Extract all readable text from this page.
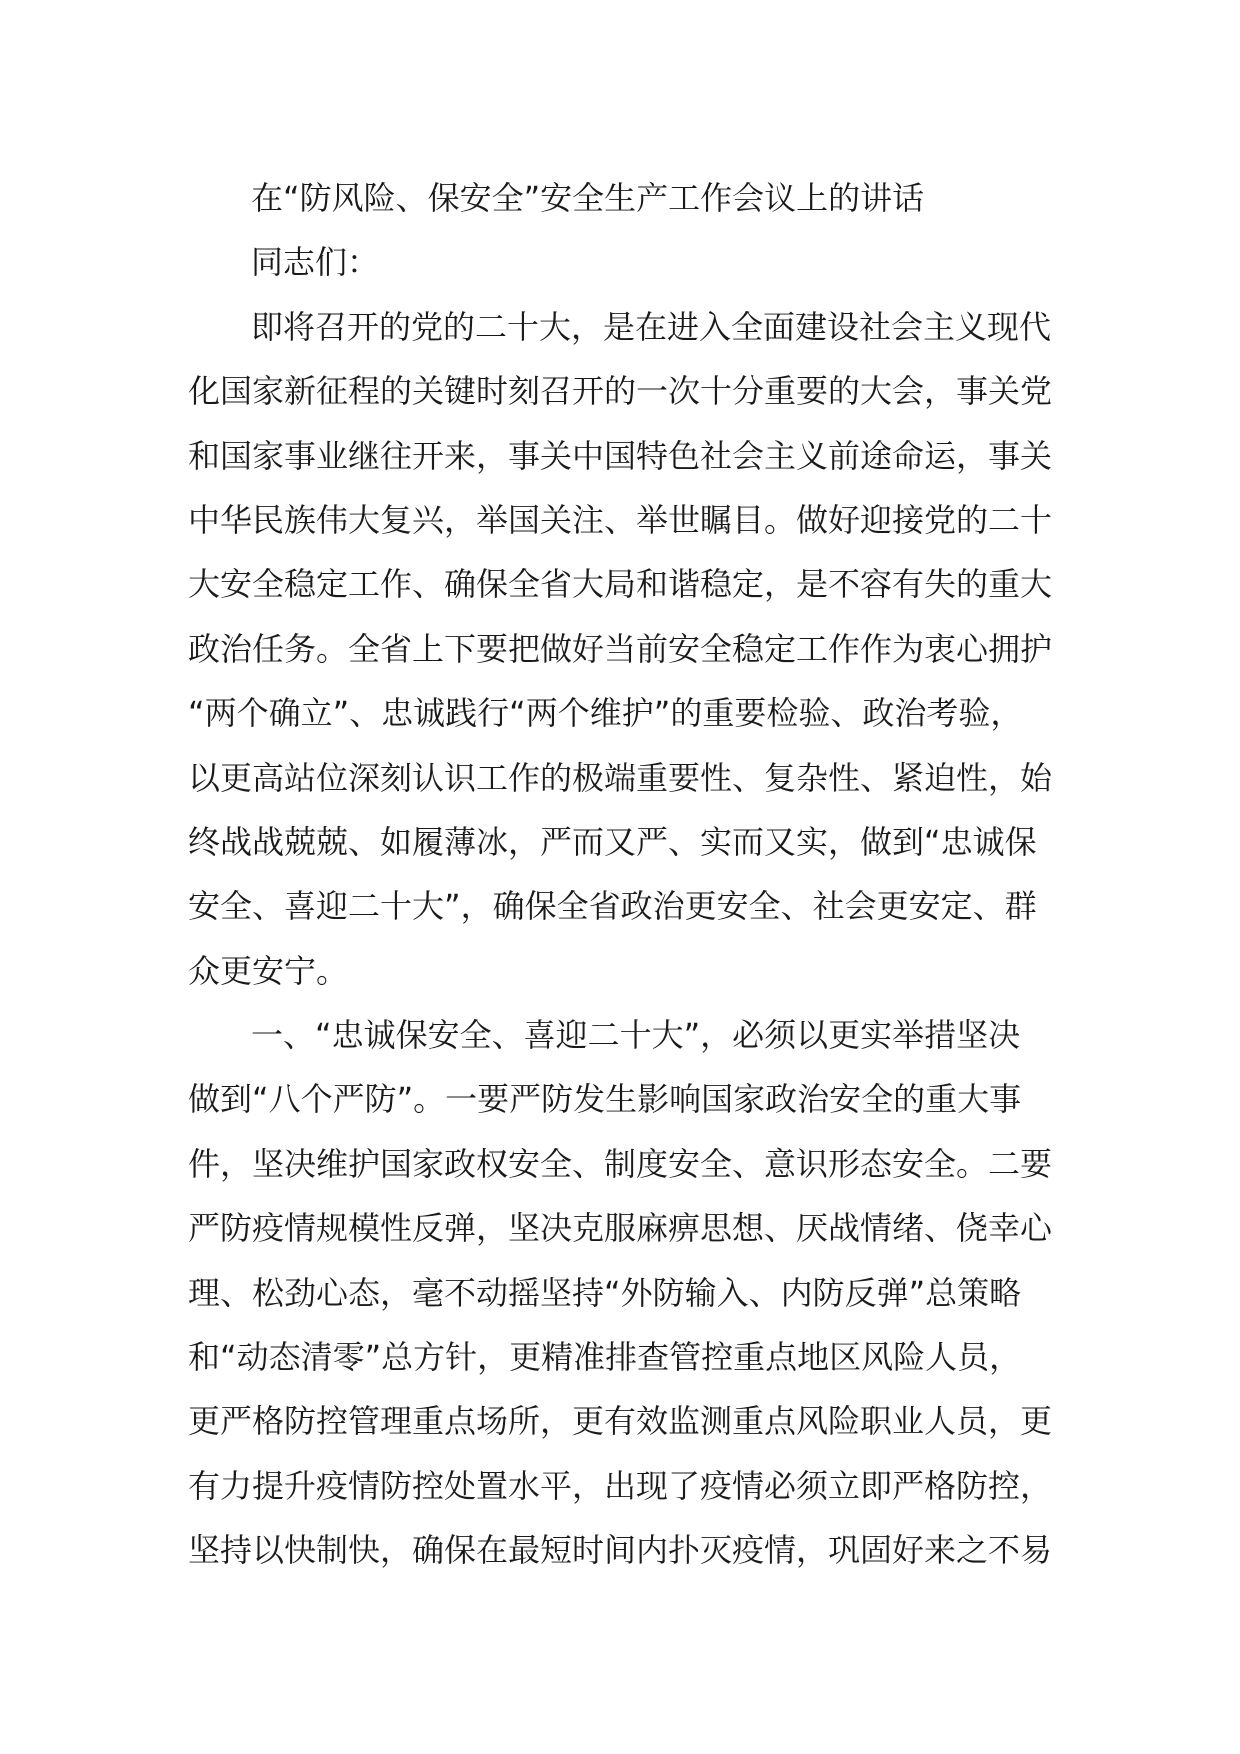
在“防风险、保安全”安全生产工作会议上的讲话

同志们：

即将召开的党的二十大，是在进入全面建设社会主义现代

化国家新征程的关键时刻召开的一次十分重要的大会，事关党

和国家事业继往开来，事关中国特色社会主义前途命运，事关

中华民族伟大复兴，举国关注、举世瞩目。做好迎接党的二十

大安全稳定工作、确保全省大局和谐稳定，是不容有失的重大

政治任务。全省上下要把做好当前安全稳定工作作为衷心拥护

“两个确立”、忠诚践行“两个维护”的重要检验、政治考验，

以更高站位深刻认识工作的极端重要性、复杂性、紧迫性，始

终战战兢兢、如履薄冰，严而又严、实而又实，做到“忠诚保

安全、喜迎二十大”，确保全省政治更安全、社会更安定、群

众更安宁。

一、“忠诚保安全、喜迎二十大”，必须以更实举措坚决

做到“八个严防”。一要严防发生影响国家政治安全的重大事

件，坚决维护国家政权安全、制度安全、意识形态安全。二要

严防疫情规模性反弹，坚决克服麻痹思想、厌战情绪、侥幸心

理、松劲心态，毫不动摇坚持“外防输入、内防反弹”总策略

和“动态清零”总方针，更精准排查管控重点地区风险人员，

更严格防控管理重点场所，更有效监测重点风险职业人员，更

有力提升疫情防控处置水平，出现了疫情必须立即严格防控，

坚持以快制快，确保在最短时间内扑灭疫情，巩固好来之不易
